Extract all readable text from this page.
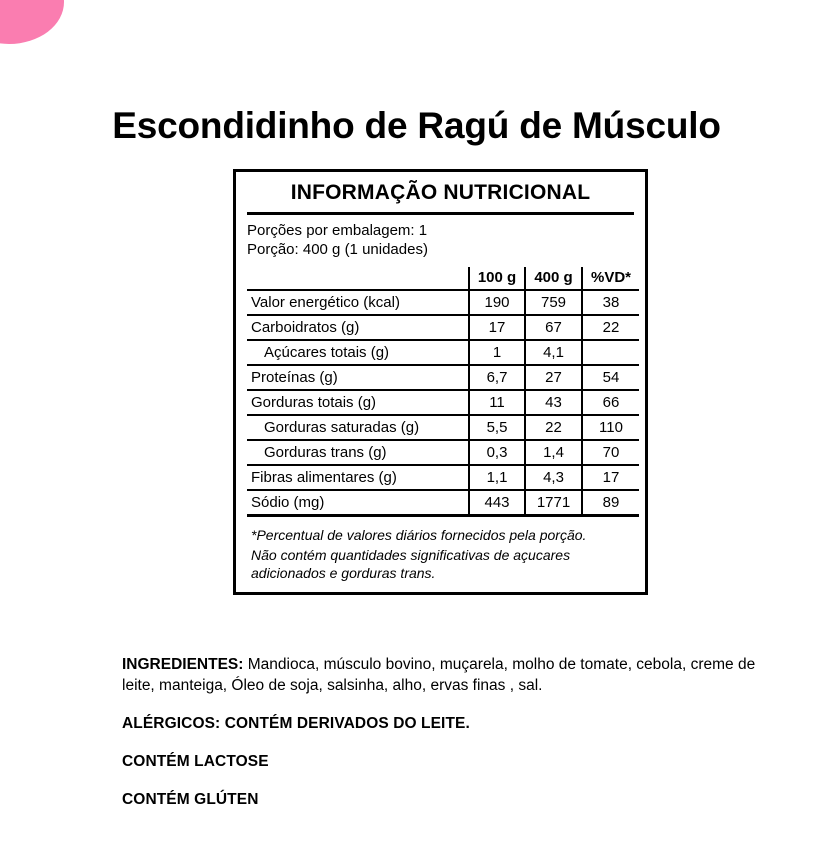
Escondidinho de Ragú de Músculo
INFORMAÇÃO NUTRICIONAL
Porções por embalagem: 1
Porção: 400 g (1 unidades)
	100 g	400 g	%VD*
Valor energético (kcal)	190	759	38
Carboidratos (g)	17	67	22
Açúcares totais (g)	1	4,1	
Proteínas (g)	6,7	27	54
Gorduras totais (g)	11	43	66
Gorduras saturadas (g)	5,5	22	110
Gorduras trans (g)	0,3	1,4	70
Fibras alimentares (g)	1,1	4,3	17
Sódio (mg)	443	1771	89

*Percentual de valores diários fornecidos pela porção.

Não contém quantidades significativas de açucares adicionados e gorduras trans.

INGREDIENTES: Mandioca, músculo bovino, muçarela, molho de tomate, cebola, creme de leite, manteiga, Óleo de soja, salsinha, alho, ervas finas , sal.

ALÉRGICOS: CONTÉM DERIVADOS DO LEITE.

CONTÉM LACTOSE

CONTÉM GLÚTEN
